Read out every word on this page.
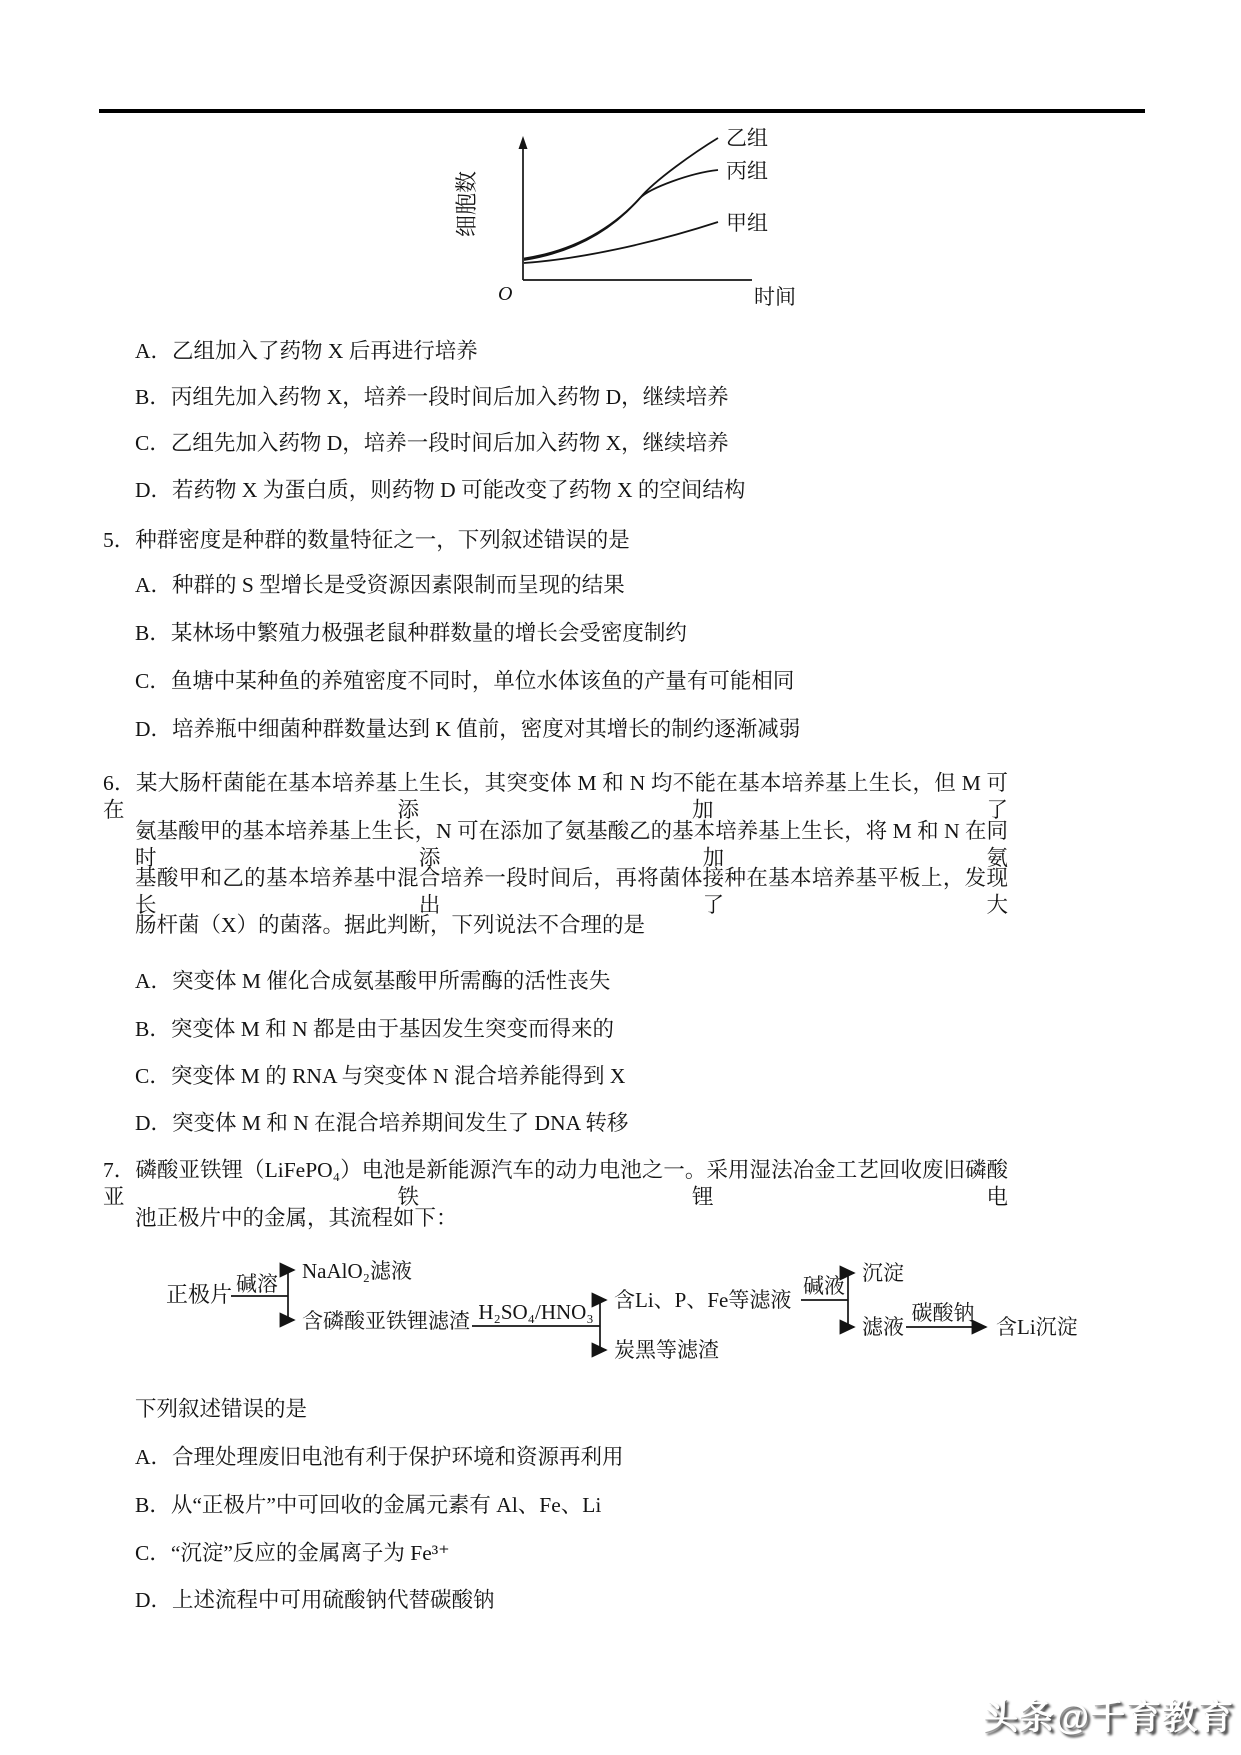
细胞数
O	时间
乙组
丙组
甲组
A．乙组加入了药物 X 后再进行培养
B．丙组先加入药物 X，培养一段时间后加入药物 D，继续培养
C．乙组先加入药物 D，培养一段时间后加入药物 X，继续培养
D．若药物 X 为蛋白质，则药物 D 可能改变了药物 X 的空间结构
5．种群密度是种群的数量特征之一，下列叙述错误的是
A．种群的 S 型增长是受资源因素限制而呈现的结果
B．某林场中繁殖力极强老鼠种群数量的增长会受密度制约
C．鱼塘中某种鱼的养殖密度不同时，单位水体该鱼的产量有可能相同
D．培养瓶中细菌种群数量达到 K 值前，密度对其增长的制约逐渐减弱
6．某大肠杆菌能在基本培养基上生长，其突变体 M 和 N 均不能在基本培养基上生长，但 M 可在添加了
氨基酸甲的基本培养基上生长，N 可在添加了氨基酸乙的基本培养基上生长，将 M 和 N 在同时添加氨
基酸甲和乙的基本培养基中混合培养一段时间后，再将菌体接种在基本培养基平板上，发现长出了大
肠杆菌（X）的菌落。据此判断，下列说法不合理的是
A．突变体 M 催化合成氨基酸甲所需酶的活性丧失
B．突变体 M 和 N 都是由于基因发生突变而得来的
C．突变体 M 的 RNA 与突变体 N 混合培养能得到 X
D．突变体 M 和 N 在混合培养期间发生了 DNA 转移
7．磷酸亚铁锂（LiFePO₄）电池是新能源汽车的动力电池之一。采用湿法冶金工艺回收废旧磷酸亚铁锂电
池正极片中的金属，其流程如下：
正极片 碱溶
NaAlO₂滤液
含磷酸亚铁锂滤渣 H₂SO₄/HNO₃ 含Li、P、Fe等滤液
炭黑等滤渣
碱液
沉淀
滤液
碳酸钠
含Li沉淀
下列叙述错误的是
A．合理处理废旧电池有利于保护环境和资源再利用
B．从“正极片”中可回收的金属元素有 Al、Fe、Li
C．“沉淀”反应的金属离子为 Fe³⁺
D．上述流程中可用硫酸钠代替碳酸钠
头条@千育教育
